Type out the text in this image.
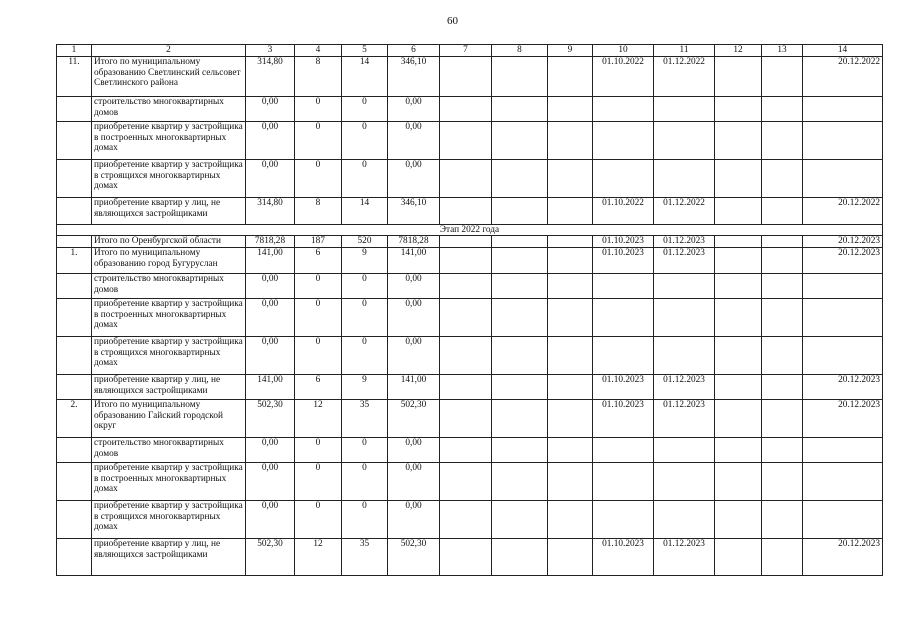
60
1	2	3	4	5	6	7	8	9	10	11	12	13	14
11.	Итого по муниципальному образованию Светлинский сельсовет Светлинского района	314,80	8	14	346,10				01.10.2022	01.12.2022			20.12.2022
	строительство многоквартирных домов	0,00	0	0	0,00								
	приобретение квартир у застройщика в построенных многоквартирных домах	0,00	0	0	0,00								
	приобретение квартир у застройщика в строящихся многоквартирных домах	0,00	0	0	0,00								
	приобретение квартир у лиц, не являющихся застройщиками	314,80	8	14	346,10				01.10.2022	01.12.2022			20.12.2022
Этап 2022 года													
	Итого по Оренбургской области	7818,28	187	520	7818,28				01.10.2023	01.12.2023			20.12.2023
1.	Итого по муниципальному образованию город Бугуруслан	141,00	6	9	141,00				01.10.2023	01.12.2023			20.12.2023
	строительство многоквартирных домов	0,00	0	0	0,00								
	приобретение квартир у застройщика в построенных многоквартирных домах	0,00	0	0	0,00								
	приобретение квартир у застройщика в строящихся многоквартирных домах	0,00	0	0	0,00								
	приобретение квартир у лиц, не являющихся застройщиками	141,00	6	9	141,00				01.10.2023	01.12.2023			20.12.2023
2.	Итого по муниципальному образованию Гайский городской округ	502,30	12	35	502,30				01.10.2023	01.12.2023			20.12.2023
	строительство многоквартирных домов	0,00	0	0	0,00								
	приобретение квартир у застройщика в построенных многоквартирных домах	0,00	0	0	0,00								
	приобретение квартир у застройщика в строящихся многоквартирных домах	0,00	0	0	0,00								
	приобретение квартир у лиц, не являющихся застройщиками	502,30	12	35	502,30				01.10.2023	01.12.2023			20.12.2023
